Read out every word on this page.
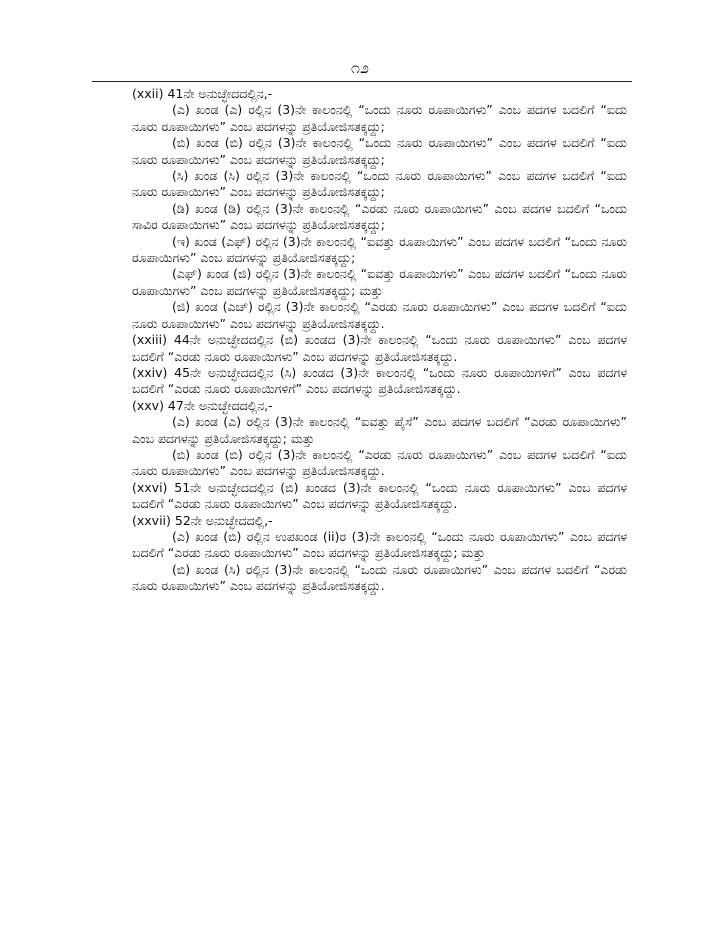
೧೨

(xxii) 41ನೇ ಅನುಚ್ಛೇದದಲ್ಲಿನ,-

(ಎ) ಖಂಡ (ಎ) ರಲ್ಲಿನ (3)ನೇ ಕಾಲಂನಲ್ಲಿ “ಒಂದು ನೂರು ರೂಪಾಯಿಗಳು” ಎಂಬ ಪದಗಳ ಬದಲಿಗೆ “ಐದು ನೂರು ರೂಪಾಯಿಗಳು” ಎಂಬ ಪದಗಳನ್ನು ಪ್ರತಿಯೋಜಿಸತಕ್ಕದ್ದು;

(ಬಿ) ಖಂಡ (ಬಿ) ರಲ್ಲಿನ (3)ನೇ ಕಾಲಂನಲ್ಲಿ “ಒಂದು ನೂರು ರೂಪಾಯಿಗಳು” ಎಂಬ ಪದಗಳ ಬದಲಿಗೆ “ಐದು ನೂರು ರೂಪಾಯಿಗಳು” ಎಂಬ ಪದಗಳನ್ನು ಪ್ರತಿಯೋಜಿಸತಕ್ಕದ್ದು;

(ಸಿ) ಖಂಡ (ಸಿ) ರಲ್ಲಿನ (3)ನೇ ಕಾಲಂನಲ್ಲಿ “ಒಂದು ನೂರು ರೂಪಾಯಿಗಳು” ಎಂಬ ಪದಗಳ ಬದಲಿಗೆ “ಐದು ನೂರು ರೂಪಾಯಿಗಳು” ಎಂಬ ಪದಗಳನ್ನು ಪ್ರತಿಯೋಜಿಸತಕ್ಕದ್ದು;

(ಡಿ) ಖಂಡ (ಡಿ) ರಲ್ಲಿನ (3)ನೇ ಕಾಲಂನಲ್ಲಿ “ಎರಡು ನೂರು ರೂಪಾಯಿಗಳು” ಎಂಬ ಪದಗಳ ಬದಲಿಗೆ “ಒಂದು ಸಾವಿರ ರೂಪಾಯಿಗಳು” ಎಂಬ ಪದಗಳನ್ನು ಪ್ರತಿಯೋಜಿಸತಕ್ಕದ್ದು;

(ಇ) ಖಂಡ (ಎಫ್) ರಲ್ಲಿನ (3)ನೇ ಕಾಲಂನಲ್ಲಿ “ಐವತ್ತು ರೂಪಾಯಿಗಳು” ಎಂಬ ಪದಗಳ ಬದಲಿಗೆ “ಒಂದು ನೂರು ರೂಪಾಯಿಗಳು” ಎಂಬ ಪದಗಳನ್ನು ಪ್ರತಿಯೋಜಿಸತಕ್ಕದ್ದು;

(ಎಫ್) ಖಂಡ (ಜಿ) ರಲ್ಲಿನ (3)ನೇ ಕಾಲಂನಲ್ಲಿ “ಐವತ್ತು ರೂಪಾಯಿಗಳು” ಎಂಬ ಪದಗಳ ಬದಲಿಗೆ “ಒಂದು ನೂರು ರೂಪಾಯಿಗಳು” ಎಂಬ ಪದಗಳನ್ನು ಪ್ರತಿಯೋಜಿಸತಕ್ಕದ್ದು; ಮತ್ತು

(ಜಿ) ಖಂಡ (ಎಚ್) ರಲ್ಲಿನ (3)ನೇ ಕಾಲಂನಲ್ಲಿ “ಎರಡು ನೂರು ರೂಪಾಯಿಗಳು” ಎಂಬ ಪದಗಳ ಬದಲಿಗೆ “ಐದು ನೂರು ರೂಪಾಯಿಗಳು” ಎಂಬ ಪದಗಳನ್ನು ಪ್ರತಿಯೋಜಿಸತಕ್ಕದ್ದು.

(xxiii) 44ನೇ ಅನುಚ್ಛೇದದಲ್ಲಿನ (ಬಿ) ಖಂಡದ (3)ನೇ ಕಾಲಂನಲ್ಲಿ “ಒಂದು ನೂರು ರೂಪಾಯಿಗಳು” ಎಂಬ ಪದಗಳ ಬದಲಿಗೆ “ಎರಡು ನೂರು ರೂಪಾಯಿಗಳು” ಎಂಬ ಪದಗಳನ್ನು ಪ್ರತಿಯೋಜಿಸತಕ್ಕದ್ದು.

(xxiv) 45ನೇ ಅನುಚ್ಛೇದದಲ್ಲಿನ (ಸಿ) ಖಂಡದ (3)ನೇ ಕಾಲಂನಲ್ಲಿ “ಒಂದು ನೂರು ರೂಪಾಯಿಗಳಿಗೆ” ಎಂಬ ಪದಗಳ ಬದಲಿಗೆ “ಎರಡು ನೂರು ರೂಪಾಯಿಗಳಿಗೆ” ಎಂಬ ಪದಗಳನ್ನು ಪ್ರತಿಯೋಜಿಸತಕ್ಕದ್ದು.

(xxv) 47ನೇ ಅನುಚ್ಛೇದದಲ್ಲಿನ,-

(ಎ) ಖಂಡ (ಎ) ರಲ್ಲಿನ (3)ನೇ ಕಾಲಂನಲ್ಲಿ “ಐವತ್ತು ಪೈಸೆ” ಎಂಬ ಪದಗಳ ಬದಲಿಗೆ “ಎರಡು ರೂಪಾಯಿಗಳು” ಎಂಬ ಪದಗಳನ್ನು ಪ್ರತಿಯೋಜಿಸತಕ್ಕದ್ದು; ಮತ್ತು

(ಬಿ) ಖಂಡ (ಬಿ) ರಲ್ಲಿನ (3)ನೇ ಕಾಲಂನಲ್ಲಿ “ಎರಡು ನೂರು ರೂಪಾಯಿಗಳು” ಎಂಬ ಪದಗಳ ಬದಲಿಗೆ “ಐದು ನೂರು ರೂಪಾಯಿಗಳು” ಎಂಬ ಪದಗಳನ್ನು ಪ್ರತಿಯೋಜಿಸತಕ್ಕದ್ದು.

(xxvi) 51ನೇ ಅನುಚ್ಛೇದದಲ್ಲಿನ (ಬಿ) ಖಂಡದ (3)ನೇ ಕಾಲಂನಲ್ಲಿ “ಒಂದು ನೂರು ರೂಪಾಯಿಗಳು” ಎಂಬ ಪದಗಳ ಬದಲಿಗೆ “ಎರಡು ನೂರು ರೂಪಾಯಿಗಳು” ಎಂಬ ಪದಗಳನ್ನು ಪ್ರತಿಯೋಜಿಸತಕ್ಕದ್ದು.

(xxvii) 52ನೇ ಅನುಚ್ಛೇದದಲ್ಲಿ,-

(ಎ) ಖಂಡ (ಬಿ) ರಲ್ಲಿನ ಉಪಖಂಡ (ii)ರ (3)ನೇ ಕಾಲಂನಲ್ಲಿ “ಒಂದು ನೂರು ರೂಪಾಯಿಗಳು” ಎಂಬ ಪದಗಳ ಬದಲಿಗೆ “ಎರಡು ನೂರು ರೂಪಾಯಿಗಳು” ಎಂಬ ಪದಗಳನ್ನು ಪ್ರತಿಯೋಜಿಸತಕ್ಕದ್ದು; ಮತ್ತು

(ಬಿ) ಖಂಡ (ಸಿ) ರಲ್ಲಿನ (3)ನೇ ಕಾಲಂನಲ್ಲಿ “ಒಂದು ನೂರು ರೂಪಾಯಿಗಳು” ಎಂಬ ಪದಗಳ ಬದಲಿಗೆ “ಎರಡು ನೂರು ರೂಪಾಯಿಗಳು” ಎಂಬ ಪದಗಳನ್ನು ಪ್ರತಿಯೋಜಿಸತಕ್ಕದ್ದು.
